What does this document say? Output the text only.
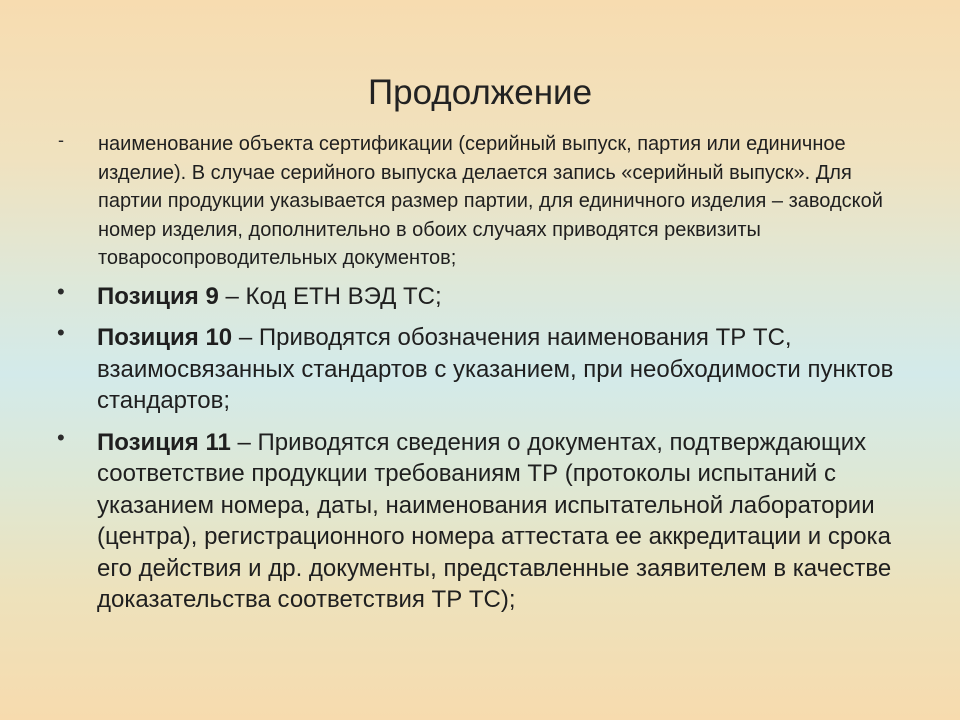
Продолжение
-	наименование объекта сертификации (серийный выпуск, партия или единичное изделие). В случае серийного выпуска делается запись «серийный выпуск». Для партии продукции указывается размер партии, для единичного изделия – заводской номер изделия, дополнительно в обоих случаях приводятся реквизиты товаросопроводительных документов;
•	Позиция 9 – Код ЕТН ВЭД ТС;
•	Позиция 10 – Приводятся обозначения наименования ТР ТС, взаимосвязанных стандартов с указанием, при необходимости пунктов стандартов;
•	Позиция 11 – Приводятся сведения о документах, подтверждающих соответствие продукции требованиям ТР (протоколы испытаний с указанием номера, даты, наименования испытательной лаборатории (центра), регистрационного номера аттестата ее аккредитации и срока его действия и др. документы, представленные заявителем в качестве доказательства соответствия ТР ТС);
